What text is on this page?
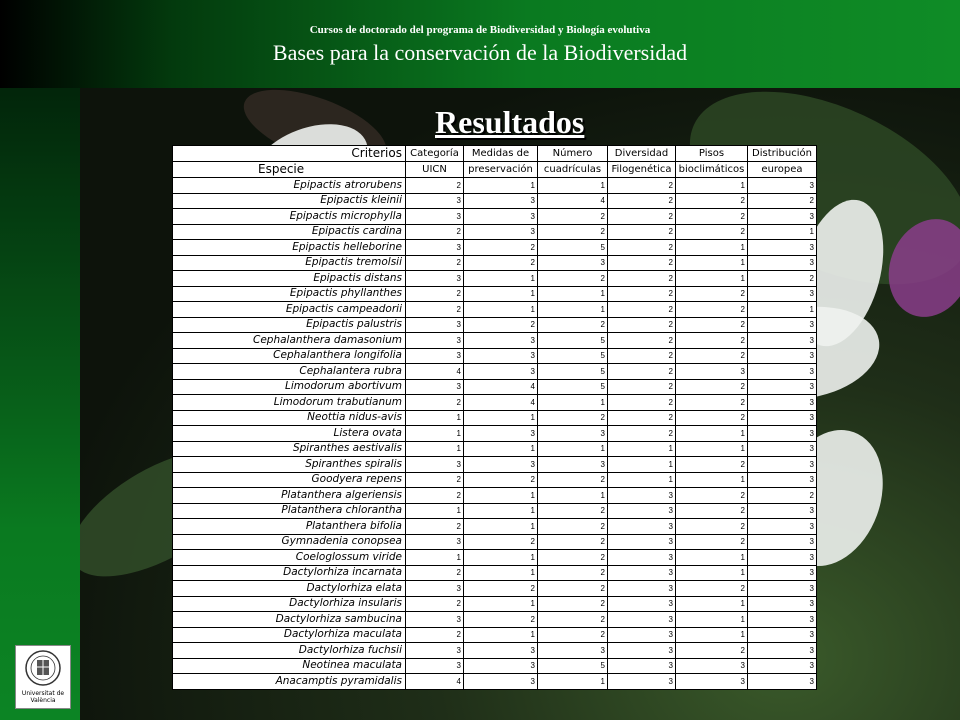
Cursos de doctorado del programa de Biodiversidad y Biología evolutiva
Bases para la conservación de la Biodiversidad
Universitat de València
Resultados
Criterios	Categoría	Medidas de	Número	Diversidad	Pisos	Distribución
Especie	UICN	preservación	cuadrículas	Filogenética	bioclimáticos	europea
Epipactis atrorubens	2	1	1	2	1	3
Epipactis kleinii	3	3	4	2	2	2
Epipactis microphylla	3	3	2	2	2	3
Epipactis cardina	2	3	2	2	2	1
Epipactis helleborine	3	2	5	2	1	3
Epipactis tremolsii	2	2	3	2	1	3
Epipactis distans	3	1	2	2	1	2
Epipactis phyllanthes	2	1	1	2	2	3
Epipactis campeadorii	2	1	1	2	2	1
Epipactis palustris	3	2	2	2	2	3
Cephalanthera damasonium	3	3	5	2	2	3
Cephalanthera longifolia	3	3	5	2	2	3
Cephalantera rubra	4	3	5	2	3	3
Limodorum abortivum	3	4	5	2	2	3
Limodorum trabutianum	2	4	1	2	2	3
Neottia nidus-avis	1	1	2	2	2	3
Listera ovata	1	3	3	2	1	3
Spiranthes aestivalis	1	1	1	1	1	3
Spiranthes spiralis	3	3	3	1	2	3
Goodyera repens	2	2	2	1	1	3
Platanthera algeriensis	2	1	1	3	2	2
Platanthera chlorantha	1	1	2	3	2	3
Platanthera bifolia	2	1	2	3	2	3
Gymnadenia conopsea	3	2	2	3	2	3
Coeloglossum viride	1	1	2	3	1	3
Dactylorhiza incarnata	2	1	2	3	1	3
Dactylorhiza elata	3	2	2	3	2	3
Dactylorhiza insularis	2	1	2	3	1	3
Dactylorhiza sambucina	3	2	2	3	1	3
Dactylorhiza maculata	2	1	2	3	1	3
Dactylorhiza fuchsii	3	3	3	3	2	3
Neotinea maculata	3	3	5	3	3	3
Anacamptis pyramidalis	4	3	1	3	3	3
